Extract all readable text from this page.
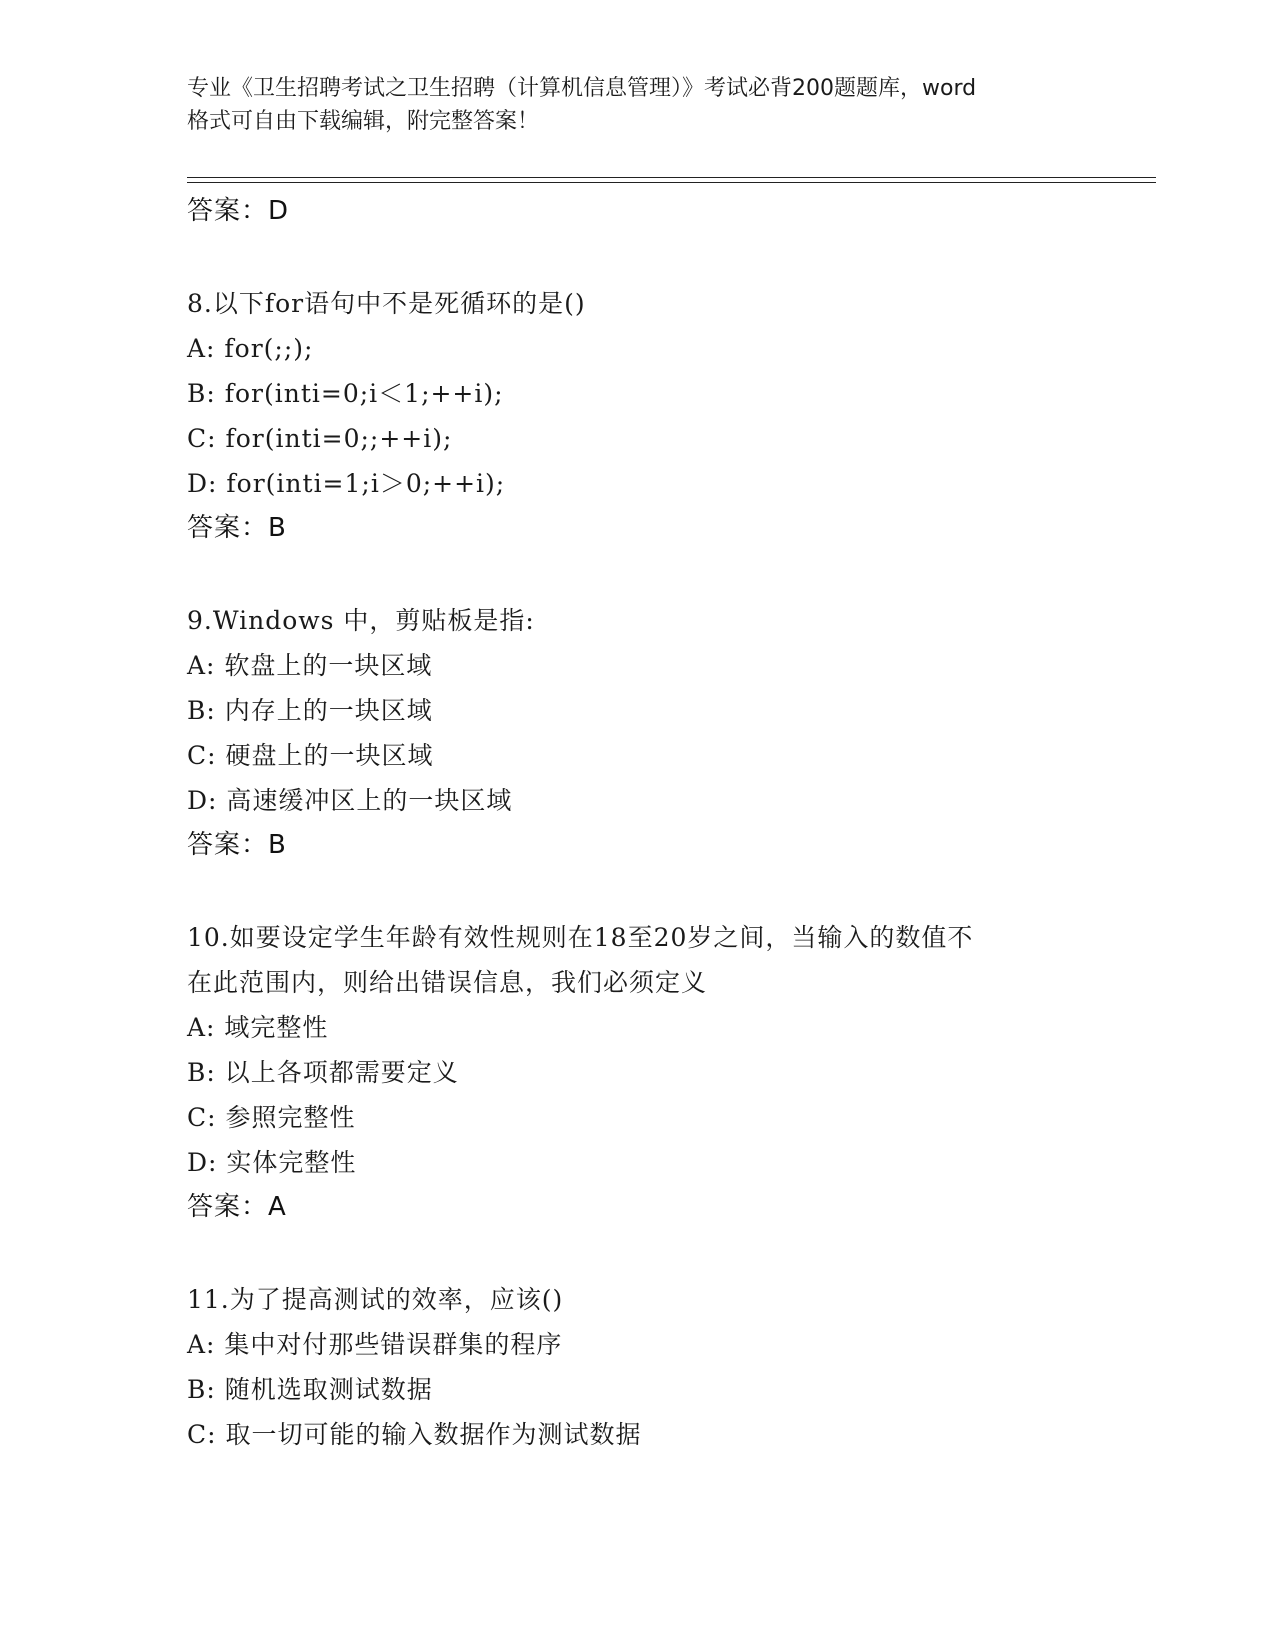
专业《卫生招聘考试之卫生招聘（计算机信息管理）》考试必背200题题库，word
格式可自由下载编辑，附完整答案！
答案：D
8.以下for语句中不是死循环的是()
A: for(;;);
B: for(inti=0;i＜1;++i);
C: for(inti=0;;++i);
D: for(inti=1;i＞0;++i);
答案：B
9.Windows 中，剪贴板是指:
A: 软盘上的一块区域
B: 内存上的一块区域
C: 硬盘上的一块区域
D: 高速缓冲区上的一块区域
答案：B
10.如要设定学生年龄有效性规则在18至20岁之间，当输入的数值不
在此范围内，则给出错误信息，我们必须定义
A: 域完整性
B: 以上各项都需要定义
C: 参照完整性
D: 实体完整性
答案：A
11.为了提高测试的效率，应该()
A: 集中对付那些错误群集的程序
B: 随机选取测试数据
C: 取一切可能的输入数据作为测试数据
